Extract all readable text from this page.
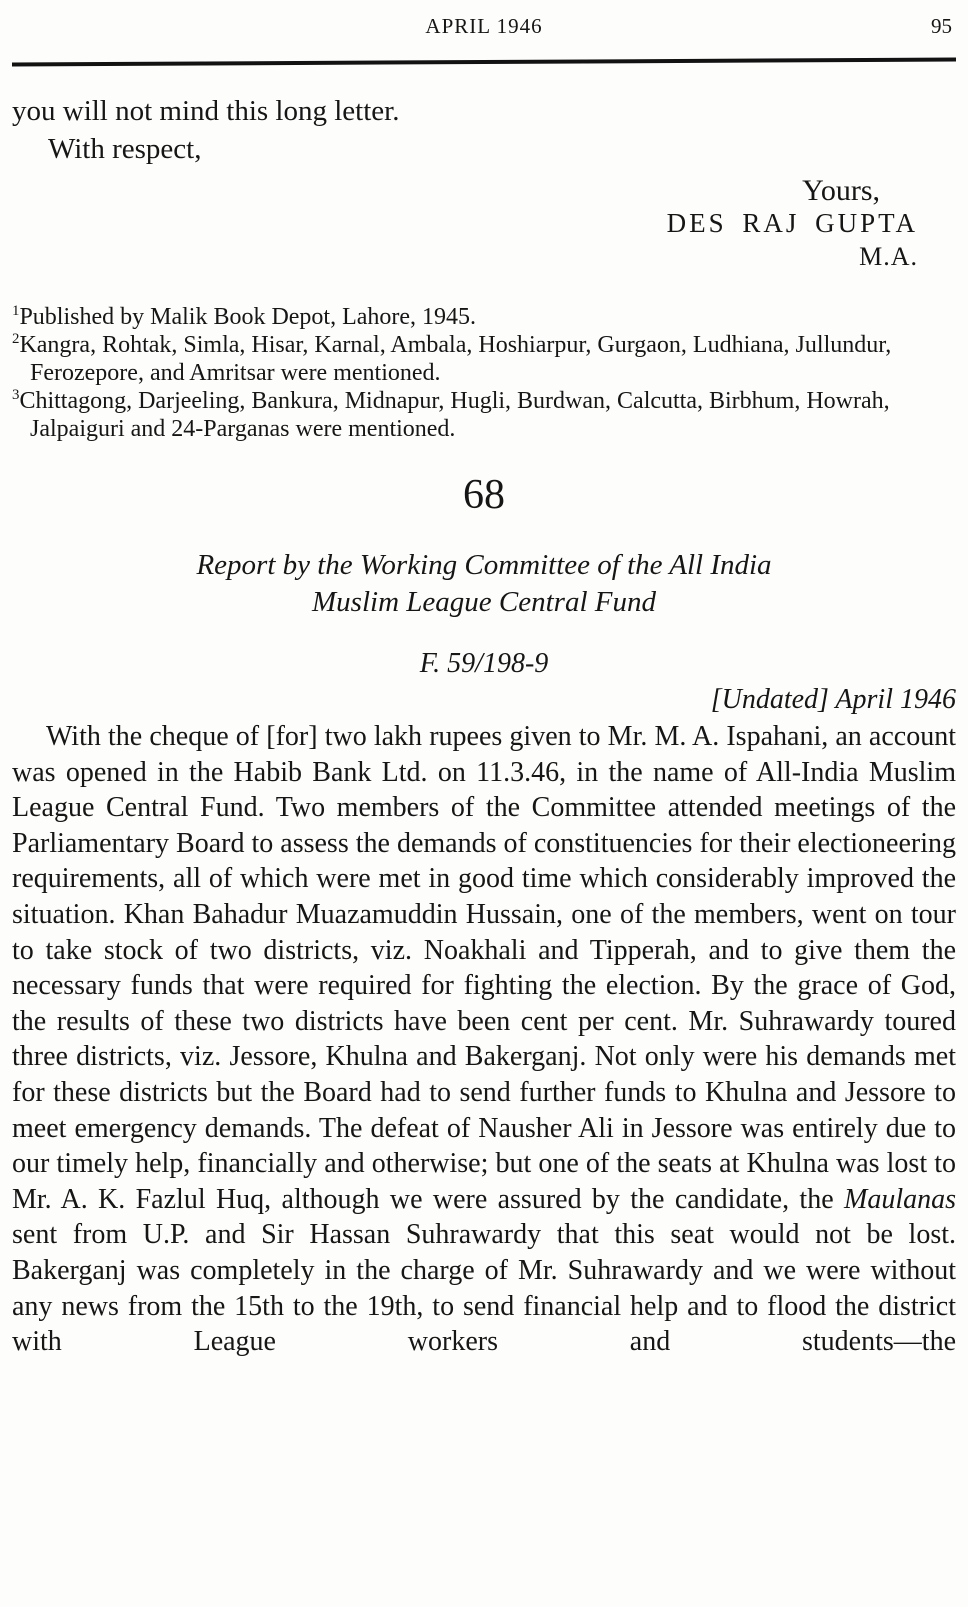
APRIL 1946	95
you will not mind this long letter.
With respect,
Yours,
DES RAJ GUPTA
M.A.
$^1$Published by Malik Book Depot, Lahore, 1945.
$^2$Kangra, Rohtak, Simla, Hisar, Karnal, Ambala, Hoshiarpur, Gurgaon, Ludhiana, Jullundur, Ferozepore, and Amritsar were mentioned.
$^3$Chittagong, Darjeeling, Bankura, Midnapur, Hugli, Burdwan, Calcutta, Birbhum, Howrah, Jalpaiguri and 24-Parganas were mentioned.
68
Report by the Working Committee of the All India
Muslim League Central Fund
F. 59/198-9
[Undated] April 1946

With the cheque of [for] two lakh rupees given to Mr. M. A. Ispahani, an account was opened in the Habib Bank Ltd. on 11.3.46, in the name of All-India Muslim League Central Fund. Two members of the Committee attended meetings of the Parliamentary Board to assess the demands of constituencies for their electioneering requirements, all of which were met in good time which considerably improved the situation. Khan Bahadur Muazamuddin Hussain, one of the members, went on tour to take stock of two districts, viz. Noakhali and Tipperah, and to give them the necessary funds that were required for fighting the election. By the grace of God, the results of these two districts have been cent per cent. Mr. Suhrawardy toured three districts, viz. Jessore, Khulna and Bakerganj. Not only were his demands met for these districts but the Board had to send further funds to Khulna and Jessore to meet emergency demands. The defeat of Nausher Ali in Jessore was entirely due to our timely help, financially and otherwise; but one of the seats at Khulna was lost to Mr. A. K. Fazlul Huq, although we were assured by the candidate, the Maulanas sent from U.P. and Sir Hassan Suhrawardy that this seat would not be lost. Bakerganj was completely in the charge of Mr. Suhrawardy and we were without any news from the 15th to the 19th, to send financial help and to flood the district with League workers and students—the
